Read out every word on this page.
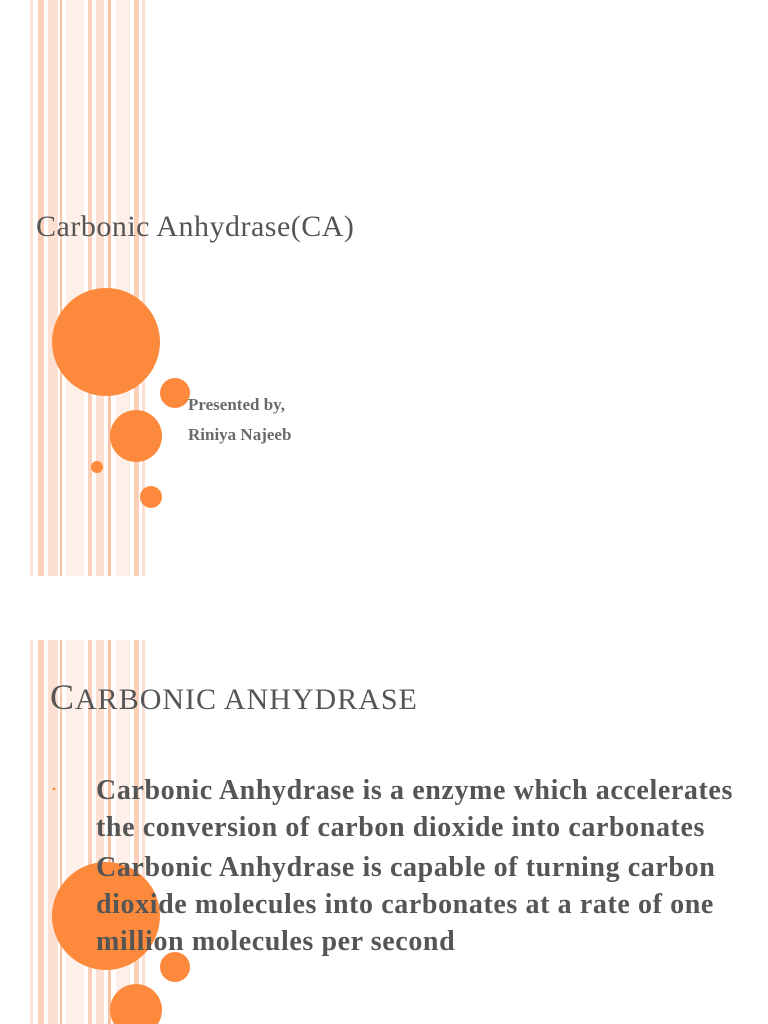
Carbonic Anhydrase(CA)
Presented by,
Riniya Najeeb
CARBONIC ANHYDRASE
• Carbonic Anhydrase is a enzyme which accelerates the conversion of carbon dioxide into carbonates
Carbonic Anhydrase is capable of turning carbon dioxide molecules into carbonates at a rate of one million molecules per second
